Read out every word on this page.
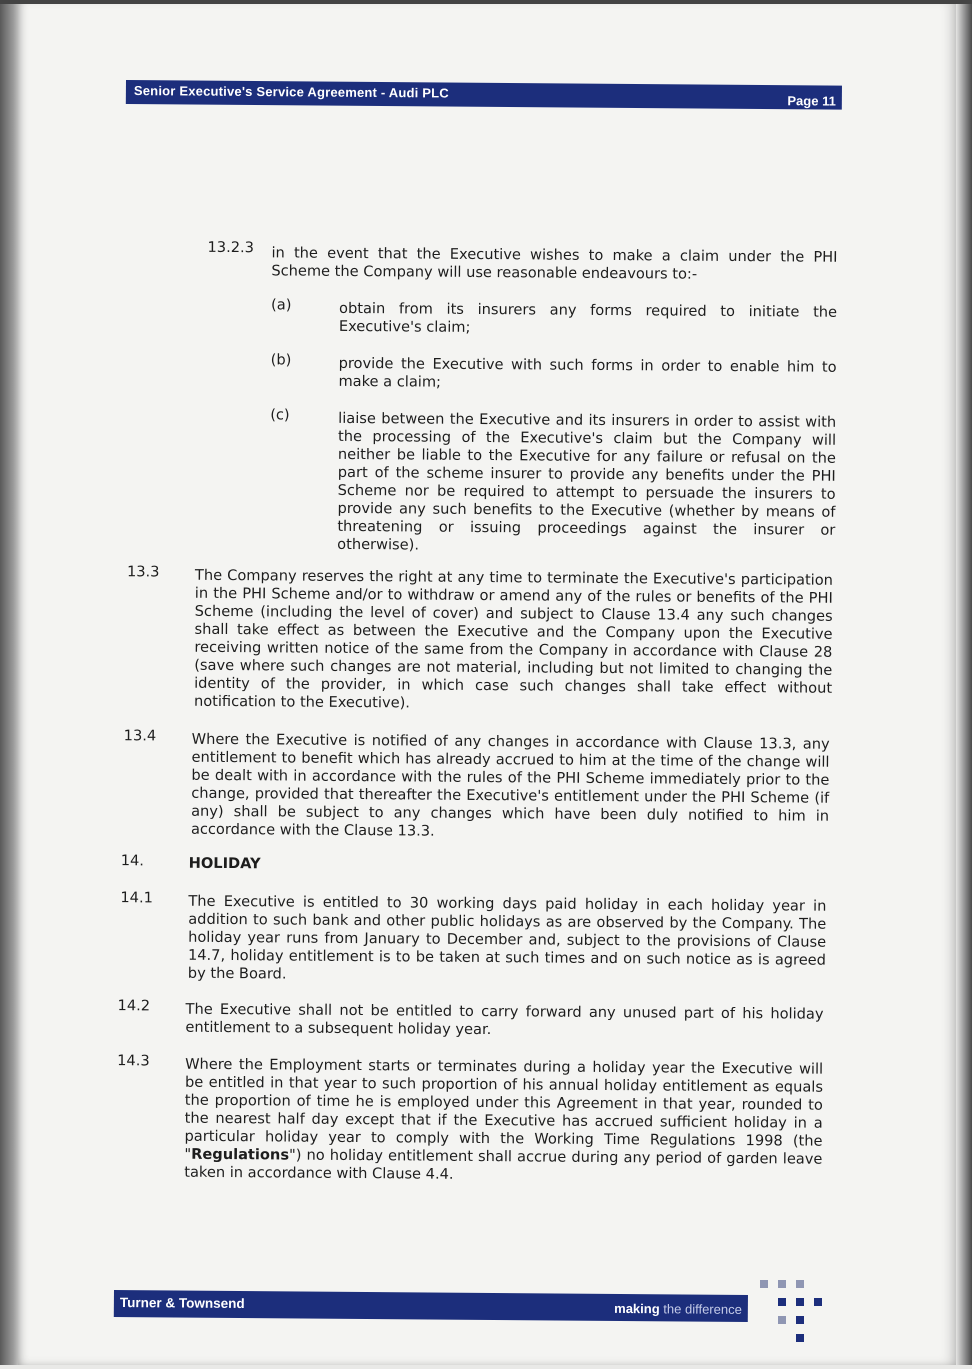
Senior Executive's Service Agreement - Audi PLC
Page 11
13.2.3 in the event that the Executive wishes to make a claim under the PHI Scheme the Company will use reasonable endeavours to:-
(a)	obtain from its insurers any forms required to initiate the Executive's claim;
(b)	provide the Executive with such forms in order to enable him to make a claim;
(c)	liaise between the Executive and its insurers in order to assist with the processing of the Executive's claim but the Company will neither be liable to the Executive for any failure or refusal on the part of the scheme insurer to provide any benefits under the PHI Scheme nor be required to attempt to persuade the insurers to provide any such benefits to the Executive (whether by means of threatening or issuing proceedings against the insurer or otherwise).
13.3 The Company reserves the right at any time to terminate the Executive's participation in the PHI Scheme and/or to withdraw or amend any of the rules or benefits of the PHI Scheme (including the level of cover) and subject to Clause 13.4 any such changes shall take effect as between the Executive and the Company upon the Executive receiving written notice of the same from the Company in accordance with Clause 28 (save where such changes are not material, including but not limited to changing the identity of the provider, in which case such changes shall take effect without notification to the Executive).
13.4 Where the Executive is notified of any changes in accordance with Clause 13.3, any entitlement to benefit which has already accrued to him at the time of the change will be dealt with in accordance with the rules of the PHI Scheme immediately prior to the change, provided that thereafter the Executive's entitlement under the PHI Scheme (if any) shall be subject to any changes which have been duly notified to him in accordance with the Clause 13.3.
14.	HOLIDAY
14.1 The Executive is entitled to 30 working days paid holiday in each holiday year in addition to such bank and other public holidays as are observed by the Company. The holiday year runs from January to December and, subject to the provisions of Clause 14.7, holiday entitlement is to be taken at such times and on such notice as is agreed by the Board.
14.2 The Executive shall not be entitled to carry forward any unused part of his holiday entitlement to a subsequent holiday year.
14.3 Where the Employment starts or terminates during a holiday year the Executive will be entitled in that year to such proportion of his annual holiday entitlement as equals the proportion of time he is employed under this Agreement in that year, rounded to the nearest half day except that if the Executive has accrued sufficient holiday in a particular holiday year to comply with the Working Time Regulations 1998 (the "Regulations") no holiday entitlement shall accrue during any period of garden leave taken in accordance with Clause 4.4.
Turner & Townsend	making the difference
